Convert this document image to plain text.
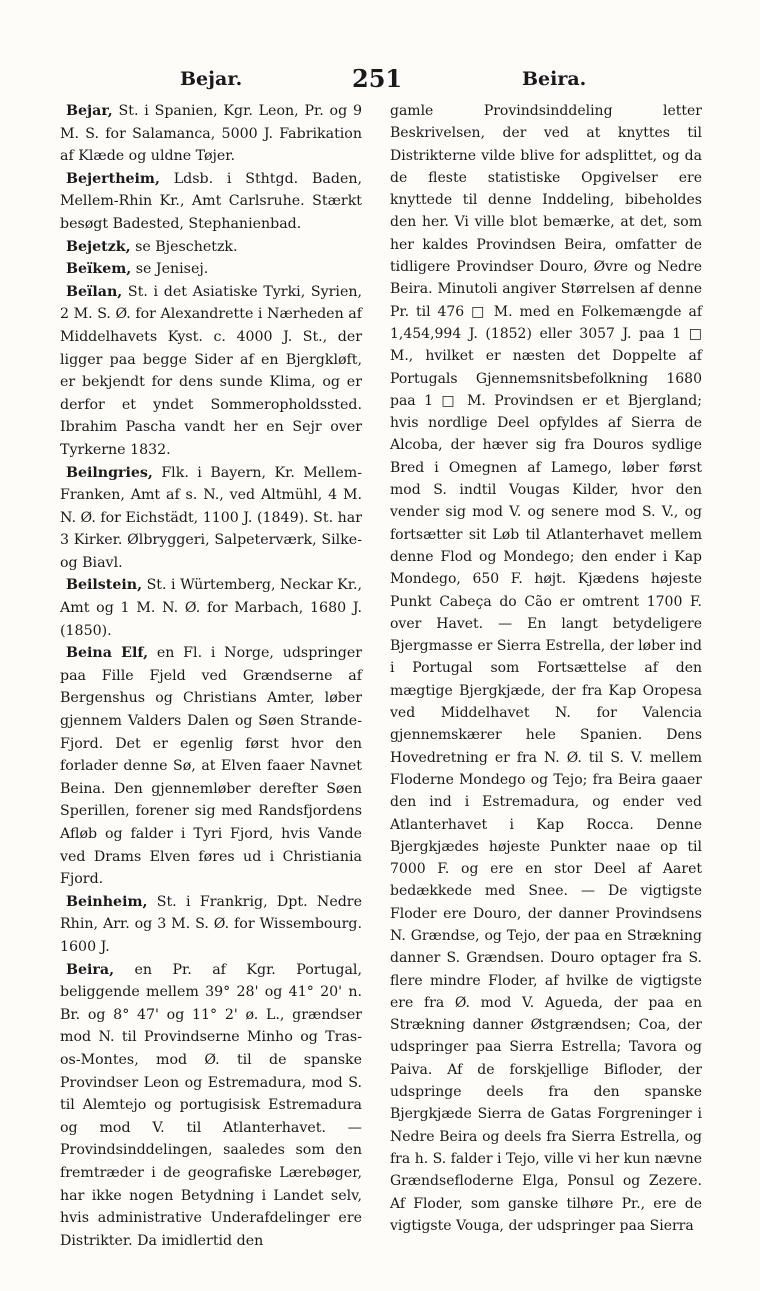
Bejar.	251	Beira.

Bejar, St. i Spanien, Kgr. Leon, Pr. og 9 M. S. for Salamanca, 5000 J. Fabrikation af Klæde og uldne Tøjer.

Bejertheim, Ldsb. i Sthtgd. Baden, Mellem-Rhin Kr., Amt Carlsruhe. Stærkt besøgt Badested, Stephanienbad.

Bejetzk, se Bjeschetzk.

Beïkem, se Jenisej.

Beïlan, St. i det Asiatiske Tyrki, Syrien, 2 M. S. Ø. for Alexandrette i Nærheden af Middelhavets Kyst. c. 4000 J. St., der ligger paa begge Sider af en Bjergkløft, er bekjendt for dens sunde Klima, og er derfor et yndet Sommeropholdssted. Ibrahim Pascha vandt her en Sejr over Tyrkerne 1832.

Beilngries, Flk. i Bayern, Kr. Mellem-Franken, Amt af s. N., ved Altmühl, 4 M. N. Ø. for Eichstädt, 1100 J. (1849). St. har 3 Kirker. Ølbryggeri, Salpeterværk, Silke- og Biavl.

Beilstein, St. i Würtemberg, Neckar Kr., Amt og 1 M. N. Ø. for Marbach, 1680 J. (1850).

Beina Elf, en Fl. i Norge, udspringer paa Fille Fjeld ved Grændserne af Bergenshus og Christians Amter, løber gjennem Valders Dalen og Søen Strande-Fjord. Det er egenlig først hvor den forlader denne Sø, at Elven faaer Navnet Beina. Den gjennemløber derefter Søen Sperillen, forener sig med Randsfjordens Afløb og falder i Tyri Fjord, hvis Vande ved Drams Elven føres ud i Christiania Fjord.

Beinheim, St. i Frankrig, Dpt. Nedre Rhin, Arr. og 3 M. S. Ø. for Wissembourg. 1600 J.

Beira, en Pr. af Kgr. Portugal, beliggende mellem 39° 28' og 41° 20' n. Br. og 8° 47' og 11° 2' ø. L., grændser mod N. til Provindserne Minho og Tras-os-Montes, mod Ø. til de spanske Provindser Leon og Estremadura, mod S. til Alemtejo og portugisisk Estremadura og mod V. til Atlanterhavet. — Provindsinddelingen, saaledes som den fremtræder i de geografiske Lærebøger, har ikke nogen Betydning i Landet selv, hvis administrative Underafdelinger ere Distrikter. Da imidlertid den

gamle Provindsinddeling letter Beskrivelsen, der ved at knyttes til Distrikterne vilde blive for adsplittet, og da de fleste statistiske Opgivelser ere knyttede til denne Inddeling, bibeholdes den her. Vi ville blot bemærke, at det, som her kaldes Provindsen Beira, omfatter de tidligere Provindser Douro, Øvre og Nedre Beira. Minutoli angiver Størrelsen af denne Pr. til 476 □ M. med en Folkemængde af 1,454,994 J. (1852) eller 3057 J. paa 1 □ M., hvilket er næsten det Doppelte af Portugals Gjennemsnitsbefolkning 1680 paa 1 □ M. Provindsen er et Bjergland; hvis nordlige Deel opfyldes af Sierra de Alcoba, der hæver sig fra Douros sydlige Bred i Omegnen af Lamego, løber først mod S. indtil Vougas Kilder, hvor den vender sig mod V. og senere mod S. V., og fortsætter sit Løb til Atlanterhavet mellem denne Flod og Mondego; den ender i Kap Mondego, 650 F. højt. Kjædens højeste Punkt Cabeça do Cão er omtrent 1700 F. over Havet. — En langt betydeligere Bjergmasse er Sierra Estrella, der løber ind i Portugal som Fortsættelse af den mægtige Bjergkjæde, der fra Kap Oropesa ved Middelhavet N. for Valencia gjennemskærer hele Spanien. Dens Hovedretning er fra N. Ø. til S. V. mellem Floderne Mondego og Tejo; fra Beira gaaer den ind i Estremadura, og ender ved Atlanterhavet i Kap Rocca. Denne Bjergkjædes højeste Punkter naae op til 7000 F. og ere en stor Deel af Aaret bedækkede med Snee. — De vigtigste Floder ere Douro, der danner Provindsens N. Grændse, og Tejo, der paa en Strækning danner S. Grændsen. Douro optager fra S. flere mindre Floder, af hvilke de vigtigste ere fra Ø. mod V. Agueda, der paa en Strækning danner Østgrændsen; Coa, der udspringer paa Sierra Estrella; Tavora og Paiva. Af de forskjellige Bifloder, der udspringe deels fra den spanske Bjergkjæde Sierra de Gatas Forgreninger i Nedre Beira og deels fra Sierra Estrella, og fra h. S. falder i Tejo, ville vi her kun nævne Grændsefloderne Elga, Ponsul og Zezere. Af Floder, som ganske tilhøre Pr., ere de vigtigste Vouga, der udspringer paa Sierra
